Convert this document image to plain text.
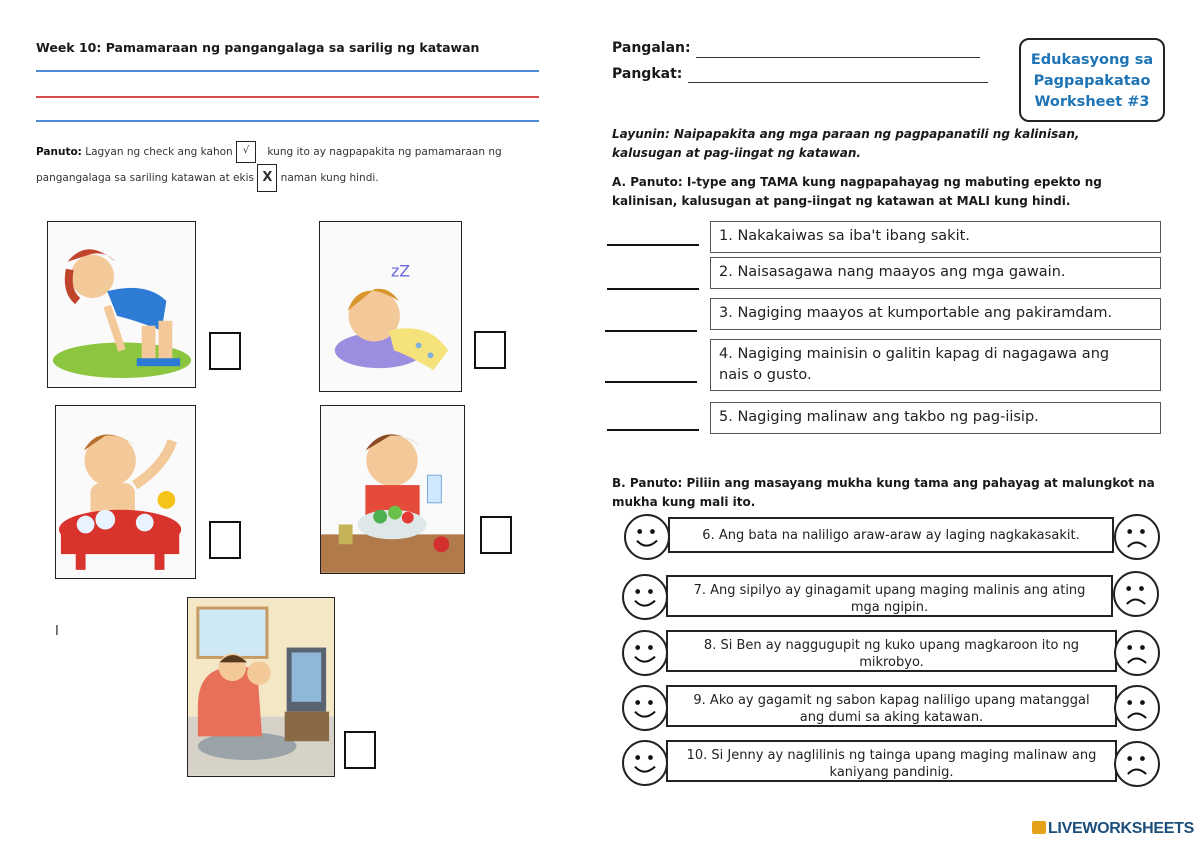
Week 10: Pamamaraan ng pangangalaga sa sarilig ng katawan
Panuto: Lagyan ng check ang kahon √ kung ito ay nagpapakita ng pamamaraan ng
pangangalaga sa sariling katawan at ekis X naman kung hindi.
zZ
I
Pangalan:
Pangkat:
Edukasyong sa
Pagpapakatao
Worksheet #3
Layunin: Naipapakita ang mga paraan ng pagpapanatili ng kalinisan, kalusugan at pag-iingat ng katawan.
A. Panuto: I-type ang TAMA kung nagpapahayag ng mabuting epekto ng kalinisan, kalusugan at pang-iingat ng katawan at MALI kung hindi.
1. Nakakaiwas sa iba't ibang sakit.
2. Naisasagawa nang maayos ang mga gawain.
3. Nagiging maayos at kumportable ang pakiramdam.
4. Nagiging mainisin o galitin kapag di nagagawa ang nais o gusto.
5. Nagiging malinaw ang takbo ng pag-iisip.
B. Panuto: Piliin ang masayang mukha kung tama ang pahayag at malungkot na mukha kung mali ito.
6. Ang bata na naliligo araw-araw ay laging nagkakasakit.
7. Ang sipilyo ay ginagamit upang maging malinis ang ating mga ngipin.
8. Si Ben ay naggugupit ng kuko upang magkaroon ito ng mikrobyo.
9. Ako ay gagamit ng sabon kapag naliligo upang matanggal ang dumi sa aking katawan.
10. Si Jenny ay naglilinis ng tainga upang maging malinaw ang kaniyang pandinig.
LIVEWORKSHEETS
